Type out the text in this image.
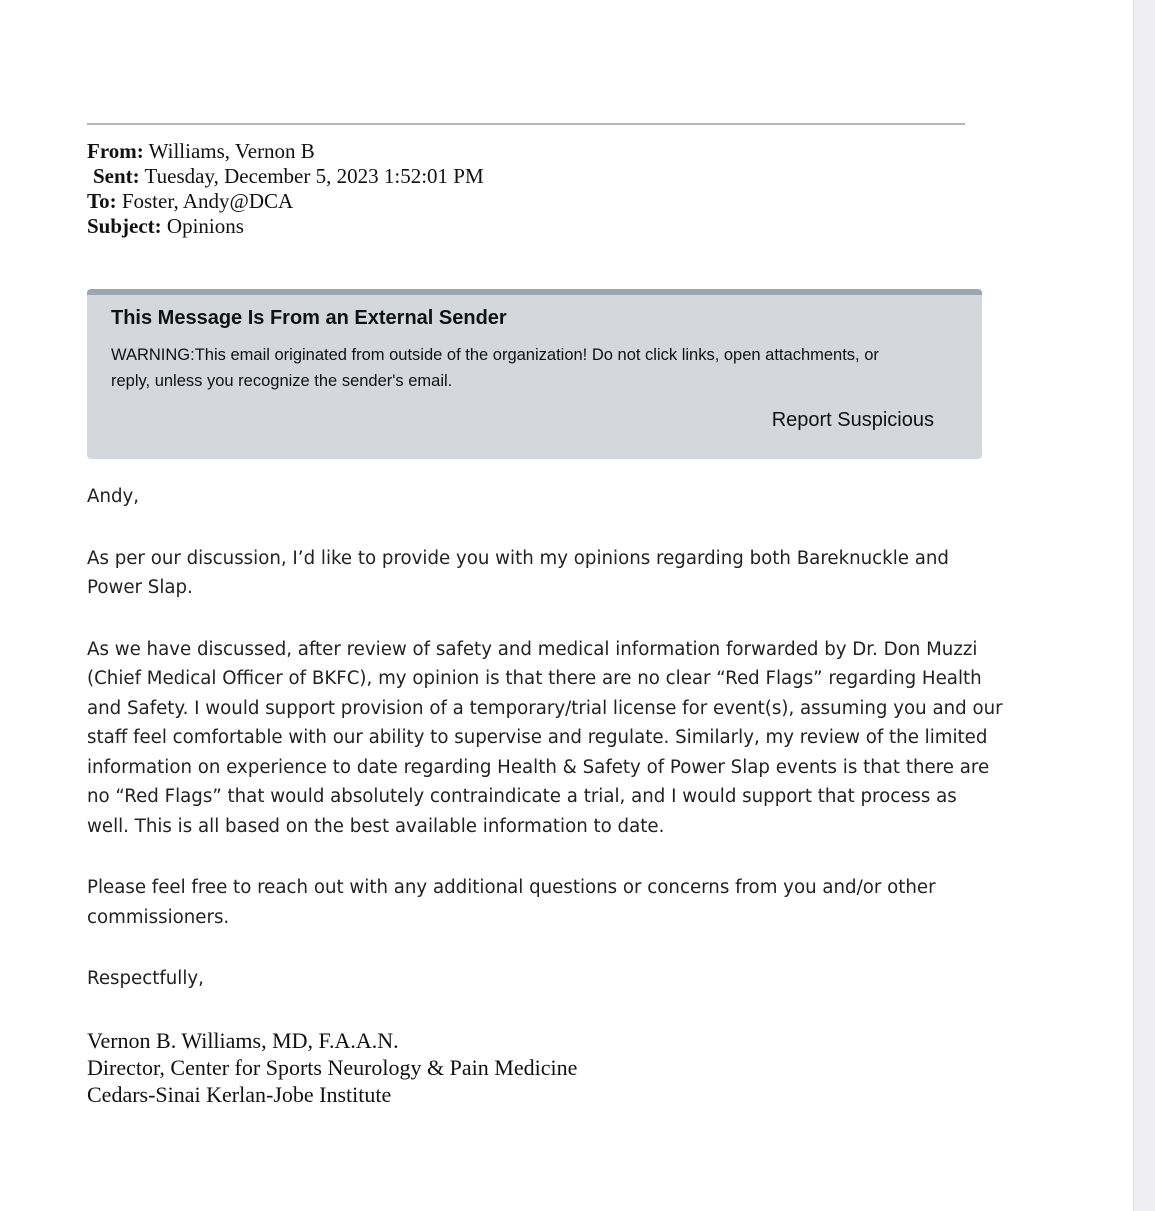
From: Williams, Vernon B
Sent: Tuesday, December 5, 2023 1:52:01 PM
To: Foster, Andy@DCA
Subject: Opinions
This Message Is From an External Sender
WARNING:This email originated from outside of the organization! Do not click links, open attachments, or
reply, unless you recognize the sender's email.
Report Suspicious

Andy,

As per our discussion, I’d like to provide you with my opinions regarding both Bareknuckle and
Power Slap.

As we have discussed, after review of safety and medical information forwarded by Dr. Don Muzzi
(Chief Medical Officer of BKFC), my opinion is that there are no clear “Red Flags” regarding Health
and Safety. I would support provision of a temporary/trial license for event(s), assuming you and our
staff feel comfortable with our ability to supervise and regulate. Similarly, my review of the limited
information on experience to date regarding Health & Safety of Power Slap events is that there are
no “Red Flags” that would absolutely contraindicate a trial, and I would support that process as
well. This is all based on the best available information to date.

Please feel free to reach out with any additional questions or concerns from you and/or other
commissioners.

Respectfully,

Vernon B. Williams, MD, F.A.A.N.
Director, Center for Sports Neurology & Pain Medicine
Cedars-Sinai Kerlan-Jobe Institute
